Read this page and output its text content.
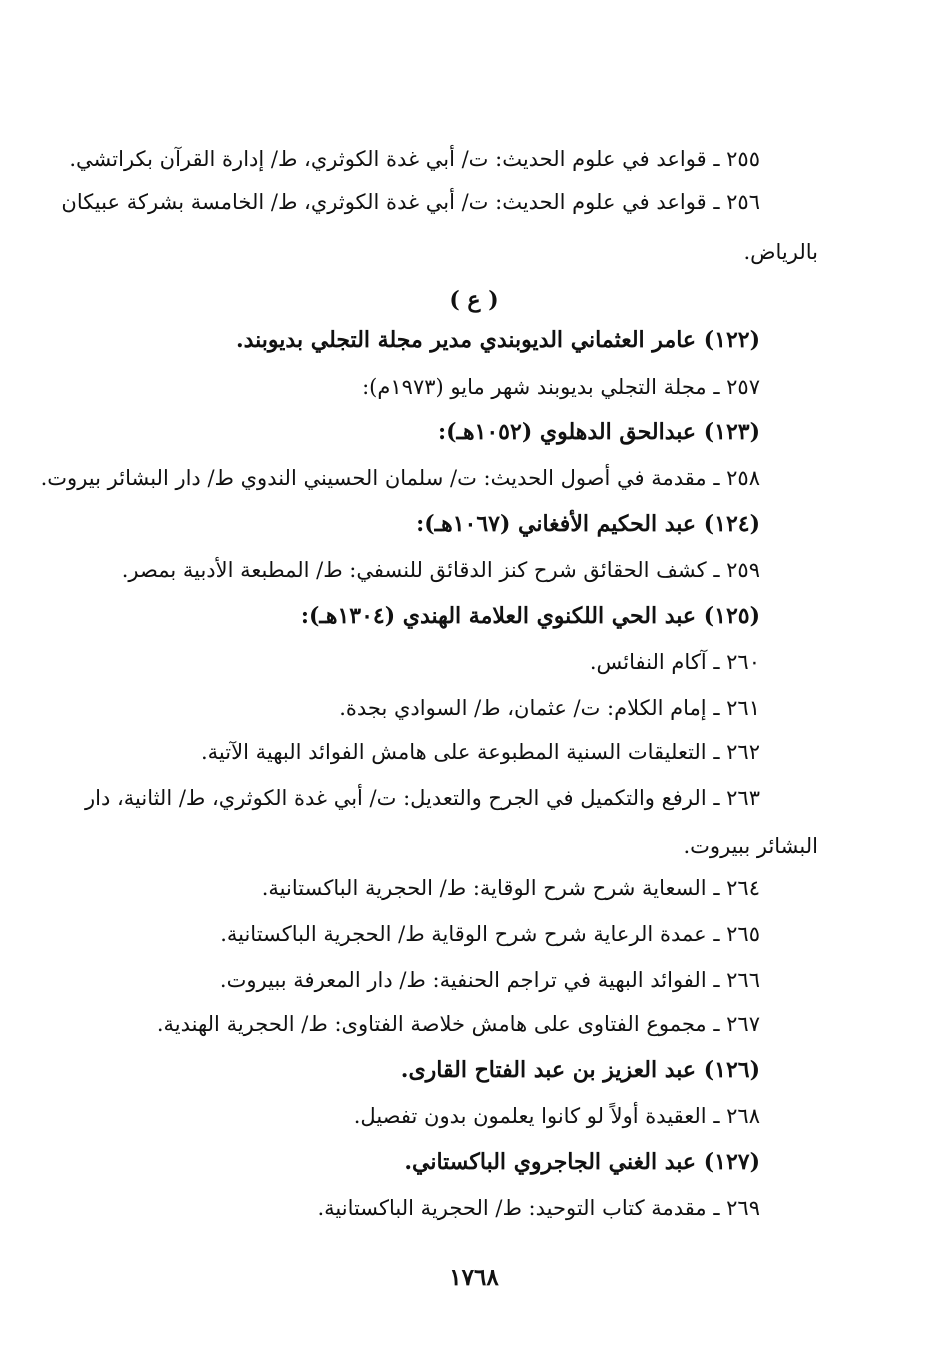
٢٥٥ ـ قواعد في علوم الحديث: ت/ أبي غدة الكوثري، ط/ إدارة القرآن بكراتشي.
٢٥٦ ـ قواعد في علوم الحديث: ت/ أبي غدة الكوثري، ط/ الخامسة بشركة عبيكان
بالرياض.
( ع )
(١٢٢) عامر العثماني الديوبندي مدير مجلة التجلي بديوبند.
٢٥٧ ـ مجلة التجلي بديوبند شهر مايو (١٩٧٣م):
(١٢٣) عبدالحق الدهلوي (١٠٥٢هـ):
٢٥٨ ـ مقدمة في أصول الحديث: ت/ سلمان الحسيني الندوي ط/ دار البشائر بيروت.
(١٢٤) عبد الحكيم الأفغاني (١٠٦٧هـ):
٢٥٩ ـ كشف الحقائق شرح كنز الدقائق للنسفي: ط/ المطبعة الأدبية بمصر.
(١٢٥) عبد الحي اللكنوي العلامة الهندي (١٣٠٤هـ):
٢٦٠ ـ آكام النفائس.
٢٦١ ـ إمام الكلام: ت/ عثمان، ط/ السوادي بجدة.
٢٦٢ ـ التعليقات السنية المطبوعة على هامش الفوائد البهية الآتية.
٢٦٣ ـ الرفع والتكميل في الجرح والتعديل: ت/ أبي غدة الكوثري، ط/ الثانية، دار
البشائر ببيروت.
٢٦٤ ـ السعاية شرح شرح الوقاية: ط/ الحجرية الباكستانية.
٢٦٥ ـ عمدة الرعاية شرح شرح الوقاية ط/ الحجرية الباكستانية.
٢٦٦ ـ الفوائد البهية في تراجم الحنفية: ط/ دار المعرفة ببيروت.
٢٦٧ ـ مجموع الفتاوى على هامش خلاصة الفتاوى: ط/ الحجرية الهندية.
(١٢٦) عبد العزيز بن عبد الفتاح القارى.
٢٦٨ ـ العقيدة أولاً لو كانوا يعلمون بدون تفصيل.
(١٢٧) عبد الغني الجاجروي الباكستاني.
٢٦٩ ـ مقدمة كتاب التوحيد: ط/ الحجرية الباكستانية.
١٧٦٨
